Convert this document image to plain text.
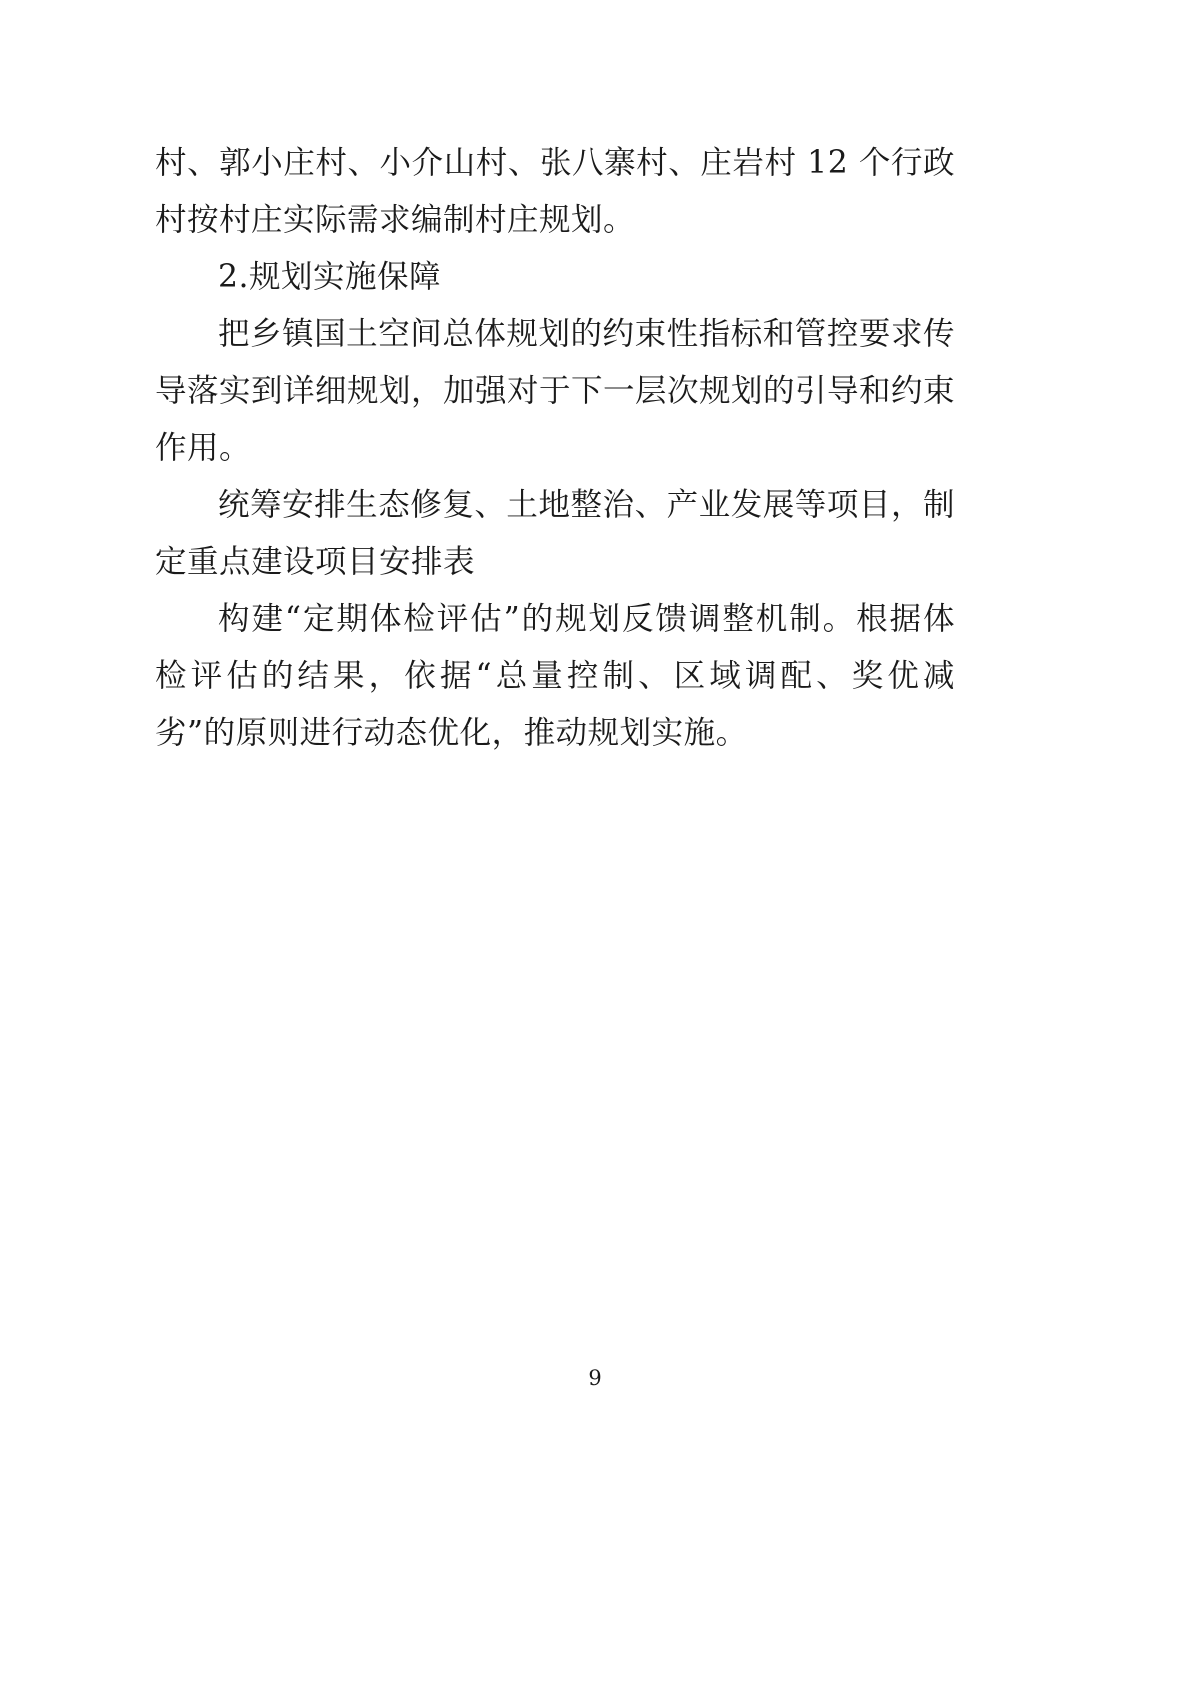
村、郭小庄村、小介山村、张八寨村、庄岩村 12 个行政村按村庄实际需求编制村庄规划。

2.规划实施保障

把乡镇国土空间总体规划的约束性指标和管控要求传导落实到详细规划，加强对于下一层次规划的引导和约束作用。

统筹安排生态修复、土地整治、产业发展等项目，制定重点建设项目安排表

构建“定期体检评估”的规划反馈调整机制。根据体检评估的结果，依据“总量控制、区域调配、奖优减劣”的原则进行动态优化，推动规划实施。

9
